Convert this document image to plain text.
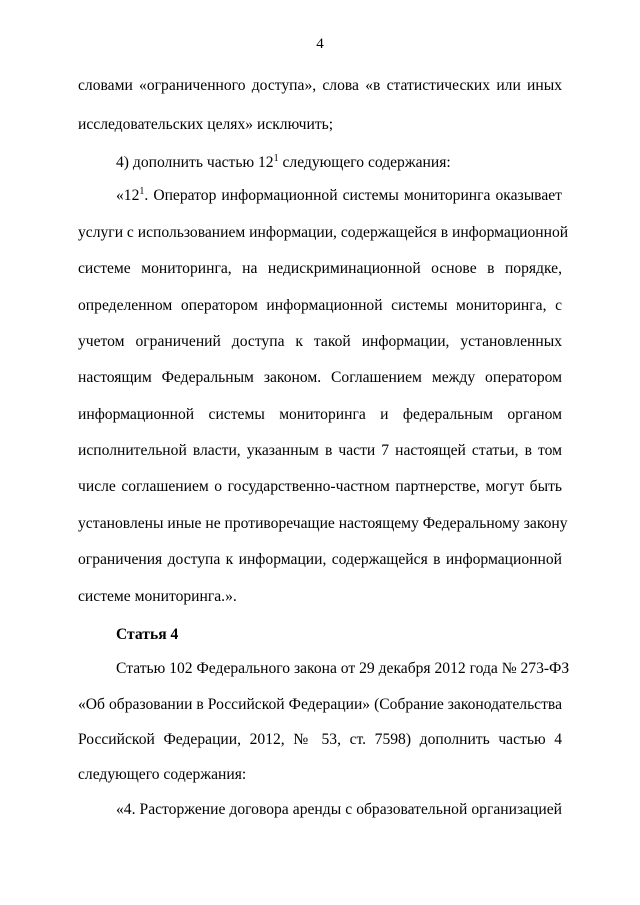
4
словами «ограниченного доступа», слова «в статистических или иных
исследовательских целях» исключить;
4) дополнить частью $12^1$ следующего содержания:
«$12^1$. Оператор информационной системы мониторинга оказывает
услуги с использованием информации, содержащейся в информационной
системе мониторинга, на недискриминационной основе в порядке,
определенном оператором информационной системы мониторинга, с
учетом ограничений доступа к такой информации, установленных
настоящим Федеральным законом. Соглашением между оператором
информационной системы мониторинга и федеральным органом
исполнительной власти, указанным в части 7 настоящей статьи, в том
числе соглашением о государственно-частном партнерстве, могут быть
установлены иные не противоречащие настоящему Федеральному закону
ограничения доступа к информации, содержащейся в информационной
системе мониторинга.».
Статья 4
Статью 102 Федерального закона от 29 декабря 2012 года № 273-ФЗ
«Об образовании в Российской Федерации» (Собрание законодательства
Российской Федерации, 2012, № 53, ст. 7598) дополнить частью 4
следующего содержания:
«4. Расторжение договора аренды с образовательной организацией
